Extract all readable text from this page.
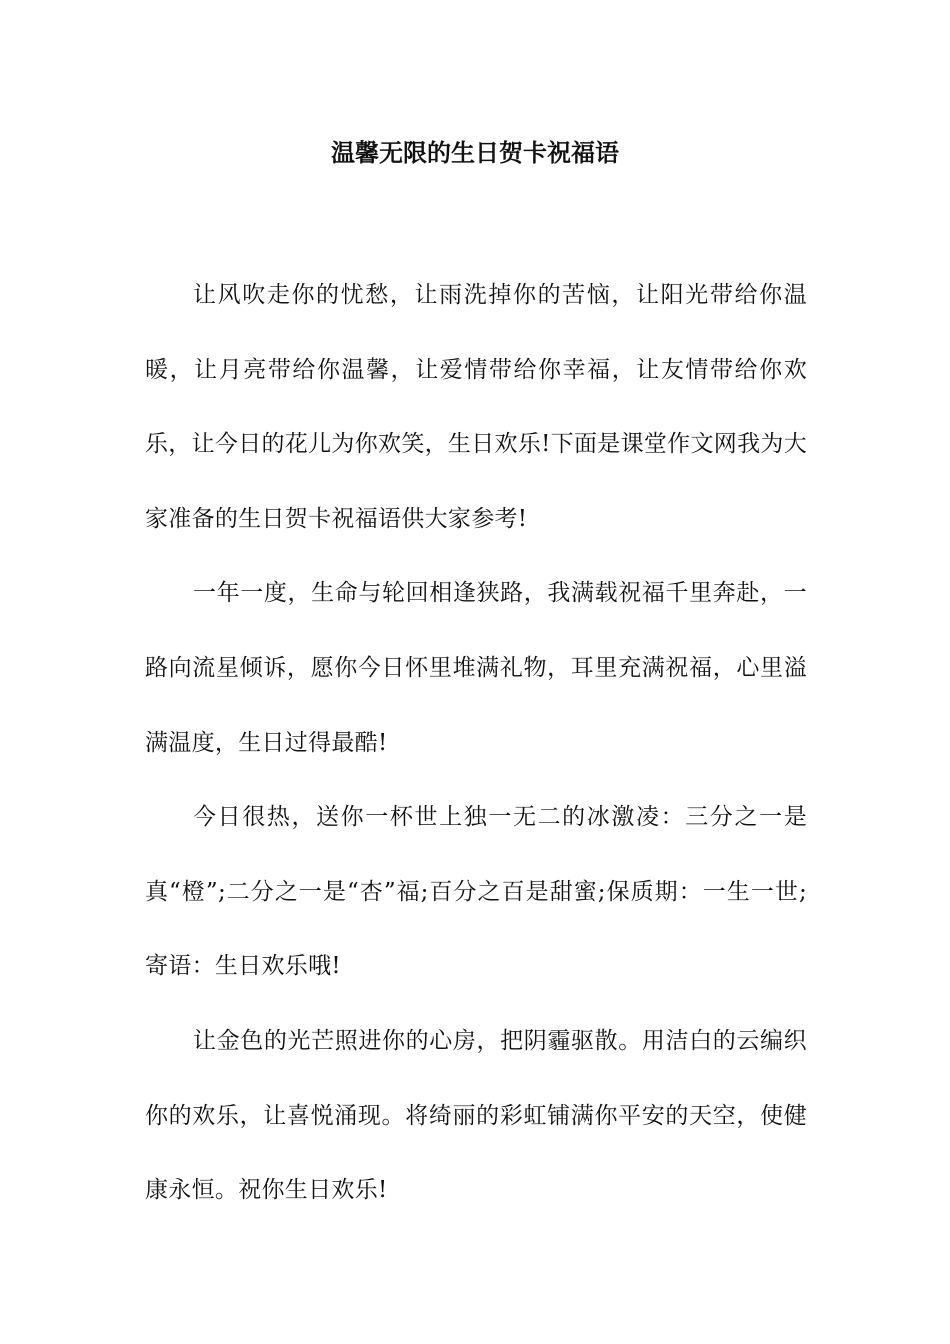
温馨无限的生日贺卡祝福语

让风吹走你的忧愁，让雨洗掉你的苦恼，让阳光带给你温暖，让月亮带给你温馨，让爱情带给你幸福，让友情带给你欢乐，让今日的花儿为你欢笑，生日欢乐!下面是课堂作文网我为大家准备的生日贺卡祝福语供大家参考!

一年一度，生命与轮回相逢狭路，我满载祝福千里奔赴，一路向流星倾诉，愿你今日怀里堆满礼物，耳里充满祝福，心里溢满温度，生日过得最酷!

今日很热，送你一杯世上独一无二的冰激凌：三分之一是真“橙”;二分之一是“杏”福;百分之百是甜蜜;保质期：一生一世;寄语：生日欢乐哦!

让金色的光芒照进你的心房，把阴霾驱散。用洁白的云编织你的欢乐，让喜悦涌现。将绮丽的彩虹铺满你平安的天空，使健康永恒。祝你生日欢乐!
